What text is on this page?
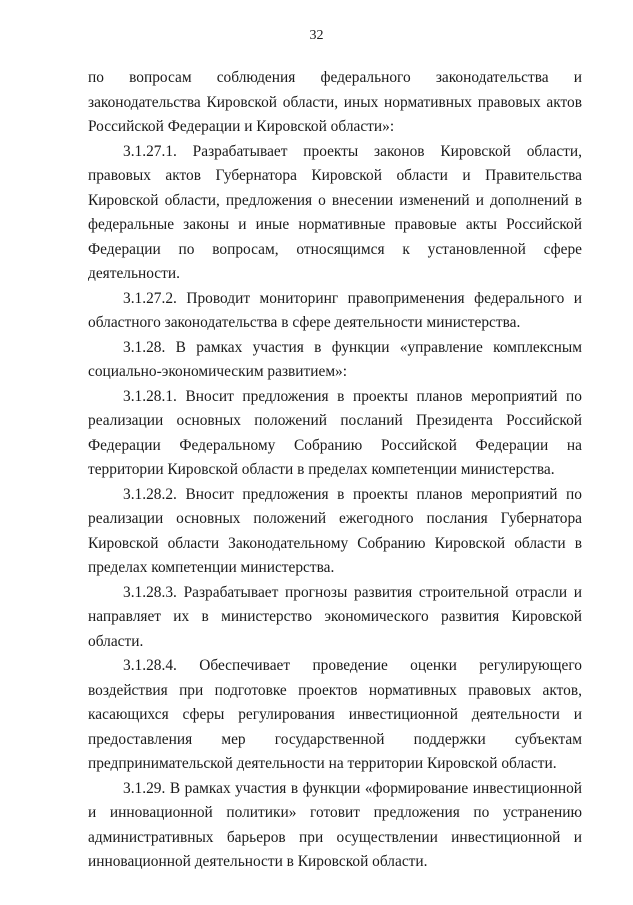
32

по вопросам соблюдения федерального законодательства и законодательства Кировской области, иных нормативных правовых актов Российской Федерации и Кировской области»:

3.1.27.1. Разрабатывает проекты законов Кировской области, правовых актов Губернатора Кировской области и Правительства Кировской области, предложения о внесении изменений и дополнений в федеральные законы и иные нормативные правовые акты Российской Федерации по вопросам, относящимся к установленной сфере деятельности.

3.1.27.2. Проводит мониторинг правоприменения федерального и областного законодательства в сфере деятельности министерства.

3.1.28. В рамках участия в функции «управление комплексным социально-экономическим развитием»:

3.1.28.1. Вносит предложения в проекты планов мероприятий по реализации основных положений посланий Президента Российской Федерации Федеральному Собранию Российской Федерации на территории Кировской области в пределах компетенции министерства.

3.1.28.2. Вносит предложения в проекты планов мероприятий по реализации основных положений ежегодного послания Губернатора Кировской области Законодательному Собранию Кировской области в пределах компетенции министерства.

3.1.28.3. Разрабатывает прогнозы развития строительной отрасли и направляет их в министерство экономического развития Кировской области.

3.1.28.4. Обеспечивает проведение оценки регулирующего воздействия при подготовке проектов нормативных правовых актов, касающихся сферы регулирования инвестиционной деятельности и предоставления мер государственной поддержки субъектам предпринимательской деятельности на территории Кировской области.

3.1.29. В рамках участия в функции «формирование инвестиционной и инновационной политики» готовит предложения по устранению административных барьеров при осуществлении инвестиционной и инновационной деятельности в Кировской области.
